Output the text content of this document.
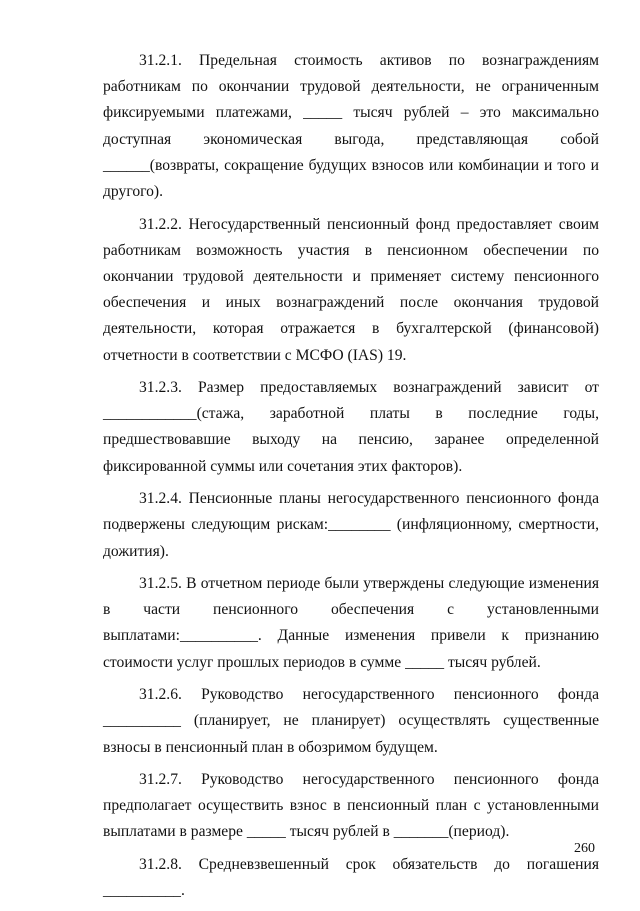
31.2.1. Предельная стоимость активов по вознаграждениям работникам по окончании трудовой деятельности, не ограниченным фиксируемыми платежами, _____ тысяч рублей – это максимально доступная экономическая выгода, представляющая собой ______(возвраты, сокращение будущих взносов или комбинации и того и другого).

31.2.2. Негосударственный пенсионный фонд предоставляет своим работникам возможность участия в пенсионном обеспечении по окончании трудовой деятельности и применяет систему пенсионного обеспечения и иных вознаграждений после окончания трудовой деятельности, которая отражается в бухгалтерской (финансовой) отчетности в соответствии с МСФО (IAS) 19.

31.2.3. Размер предоставляемых вознаграждений зависит от ____________(стажа, заработной платы в последние годы, предшествовавшие выходу на пенсию, заранее определенной фиксированной суммы или сочетания этих факторов).

31.2.4. Пенсионные планы негосударственного пенсионного фонда подвержены следующим рискам:________ (инфляционному, смертности, дожития).

31.2.5. В отчетном периоде были утверждены следующие изменения в части пенсионного обеспечения с установленными выплатами:__________. Данные изменения привели к признанию стоимости услуг прошлых периодов в сумме _____ тысяч рублей.

31.2.6. Руководство негосударственного пенсионного фонда __________ (планирует, не планирует) осуществлять существенные взносы в пенсионный план в обозримом будущем.

31.2.7. Руководство негосударственного пенсионного фонда предполагает осуществить взнос в пенсионный план с установленными выплатами в размере _____ тысяч рублей в _______(период).

31.2.8. Средневзвешенный срок обязательств до погашения __________.

260
